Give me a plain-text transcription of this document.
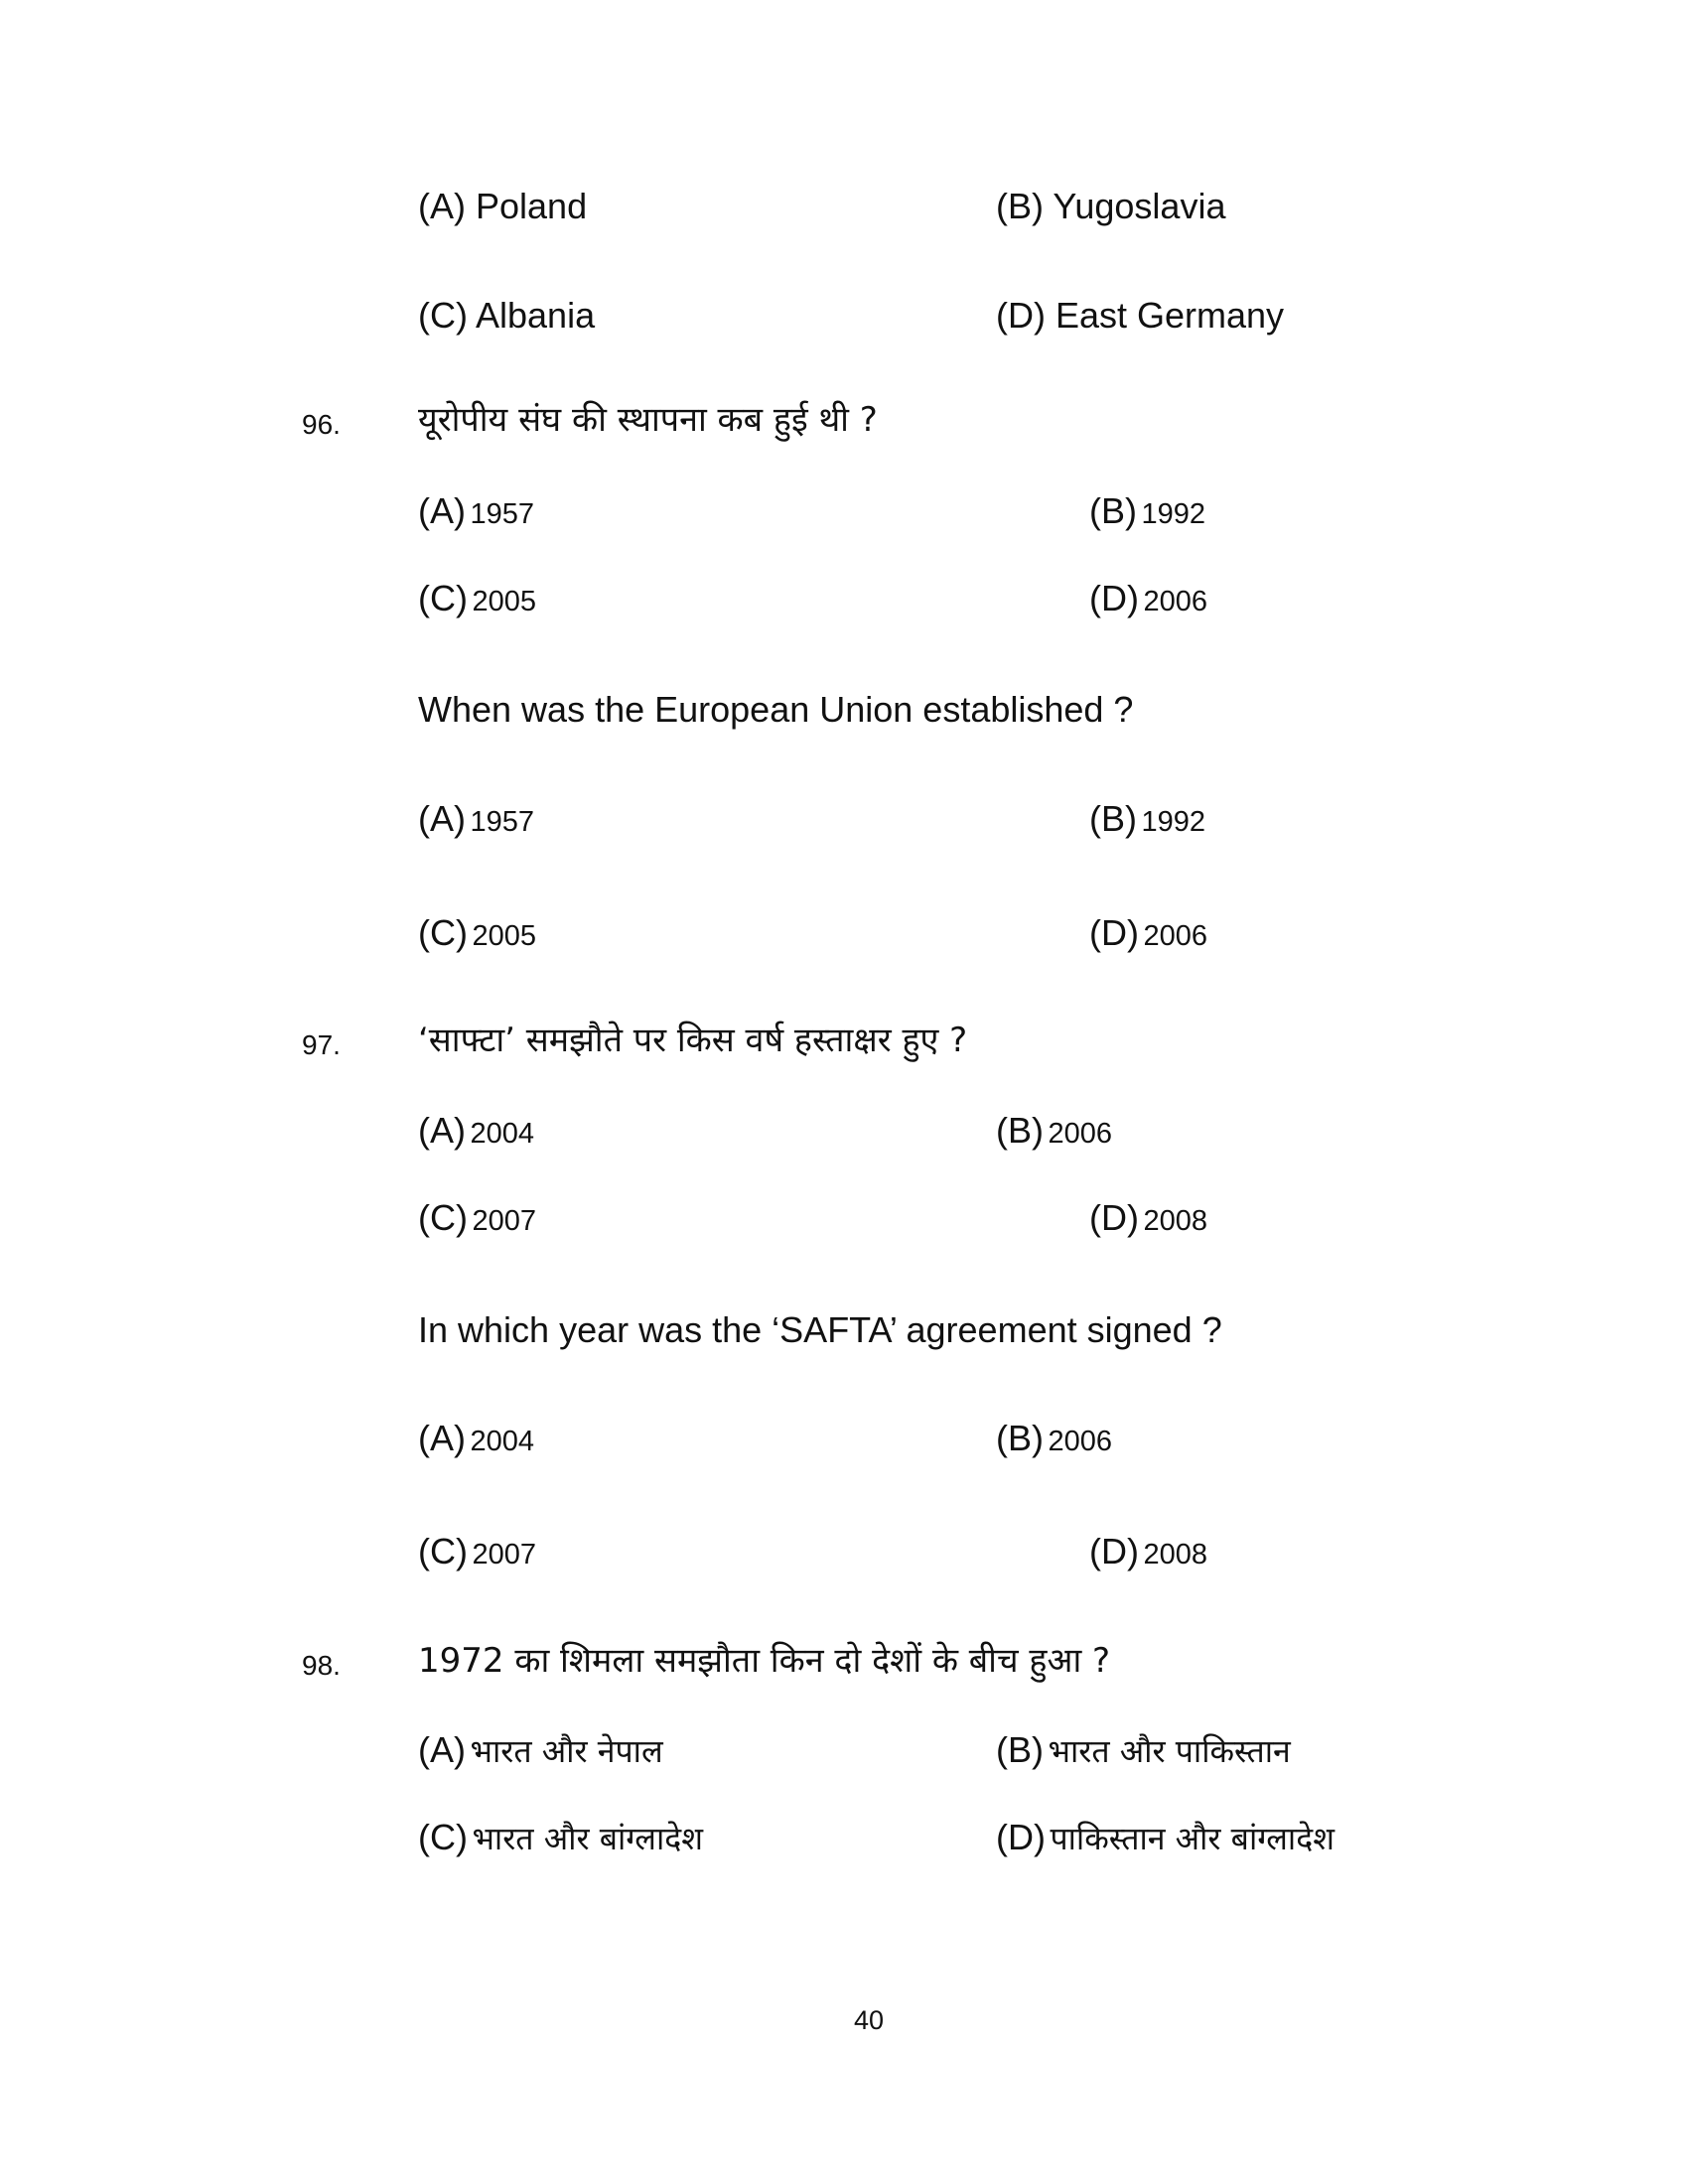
(A) Poland	(B) Yugoslavia
(C) Albania	(D) East Germany
96. यूरोपीय संघ की स्थापना कब हुई थी ?
(A) 1957	(B) 1992
(C) 2005	(D) 2006
When was the European Union established ?
(A) 1957	(B) 1992
(C) 2005	(D) 2006
97. ‘साफ्टा’ समझौते पर किस वर्ष हस्ताक्षर हुए ?
(A) 2004	(B) 2006
(C) 2007	(D) 2008
In which year was the ‘SAFTA’ agreement signed ?
(A) 2004	(B) 2006
(C) 2007	(D) 2008
98. 1972 का शिमला समझौता किन दो देशों के बीच हुआ ?
(A) भारत और नेपाल	(B) भारत और पाकिस्तान
(C) भारत और बांग्लादेश	(D) पाकिस्तान और बांग्लादेश
40
